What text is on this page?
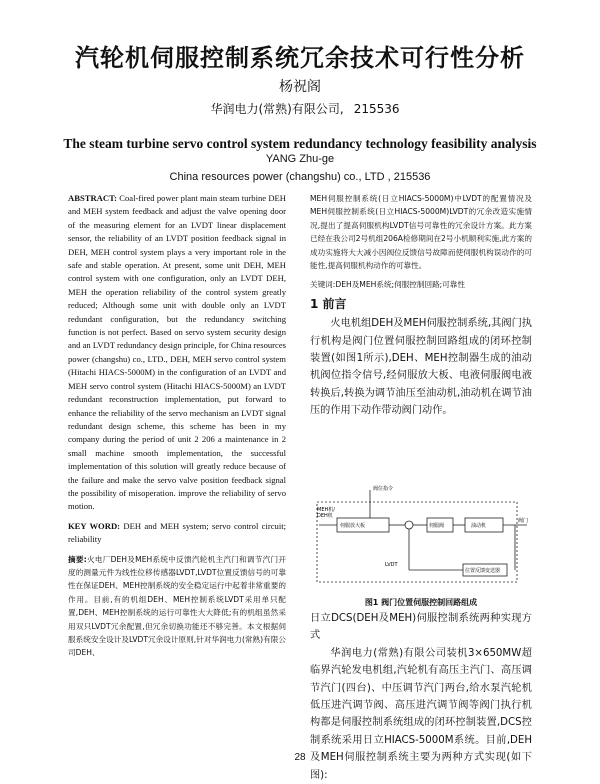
汽轮机伺服控制系统冗余技术可行性分析
杨祝阁
华润电力(常熟)有限公司, 215536
The steam turbine servo control system redundancy technology feasibility analysis
YANG Zhu-ge
China resources power (changshu) co., LTD , 215536

ABSTRACT: Coal-fired power plant main steam turbine DEH and MEH system feedback and adjust the valve opening door of the measuring element for an LVDT linear displacement sensor, the reliability of an LVDT position feedback signal in DEH, MEH control system plays a very important role in the safe and stable operation. At present, some unit DEH, MEH control system with one configuration, only an LVDT DEH, MEH the operation reliability of the control system greatly reduced; Although some unit with double only an LVDT redundant configuration, but the redundancy switching function is not perfect. Based on servo system security design and an LVDT redundancy design principle, for China resources power (changshu) co., LTD., DEH, MEH servo control system (Hitachi HIACS-5000M) in the configuration of an LVDT and MEH servo control system (Hitachi HIACS-5000M) an LVDT redundant reconstruction implementation, put forward to enhance the reliability of the servo mechanism an LVDT signal redundant design scheme, this scheme has been in my company during the period of unit 2 206 a maintenance in 2 small machine smooth implementation, the successful implementation of this solution will greatly reduce because of the failure and make the servo valve position feedback signal the possibility of misoperation. improve the reliability of servo motion.

KEY WORD: DEH and MEH system; servo control circuit; reliability

摘要:火电厂DEH及MEH系统中反馈汽轮机主汽门和调节汽门开度的测量元件为线性位移传感器LVDT,LVDT位置反馈信号的可靠性在保证DEH、MEH控制系统的安全稳定运行中起着非常重要的作用。目前,有的机组DEH、MEH控制系统LVDT采用单只配置,DEH、MEH控制系统的运行可靠性大大降低;有的机组虽然采用双只LVDT冗余配置,但冗余切换功能还不够完善。本文根据伺服系统安全设计及LVDT冗余设计原则,针对华润电力(常熟)有限公司DEH、

MEH伺服控制系统(日立HIACS-5000M)中LVDT的配置情况及MEH伺服控制系统(日立HIACS-5000M)LVDT的冗余改造实施情况,提出了提高伺服机构LVDT信号可靠性的冗余设计方案。此方案已经在我公司2号机组206A检修期间在2号小机顺利实施,此方案的成功实施将大大减小因阀位反馈信号故障而使伺服机构误动作的可能性,提高伺服机构动作的可靠性。

关键词:DEH及MEH系统;伺服控制回路;可靠性

1 前言

火电机组DEH及MEH伺服控制系统,其阀门执行机构是阀门位置伺服控制回路组成的闭环控制装置(如图1所示),DEH、MEH控制器生成的油动机阀位指令信号,经伺服放大板、电液伺服阀电液转换后,转换为调节油压至油动机,油动机在调节油压的作用下动作带动阀门动作。

阀位指令
MEH机/
DEH机
伺服放大板	伺服阀	油动机
阀门
位置反馈变送器
LVDT
图1 阀门位置伺服控制回路组成

日立DCS(DEH及MEH)伺服控制系统两种实现方式

华润电力(常熟)有限公司装机3×650MW超临界汽轮发电机组,汽轮机有高压主汽门、高压调节汽门(四台)、中压调节汽门两台,给水泵汽轮机低压进汽调节阀、高压进汽调节阀等阀门执行机构都是伺服控制系统组成的闭环控制装置,DCS控制系统采用日立HIACS-5000M系统。目前,DEH及MEH伺服控制系统主要为两种方式实现(如下图):

28
